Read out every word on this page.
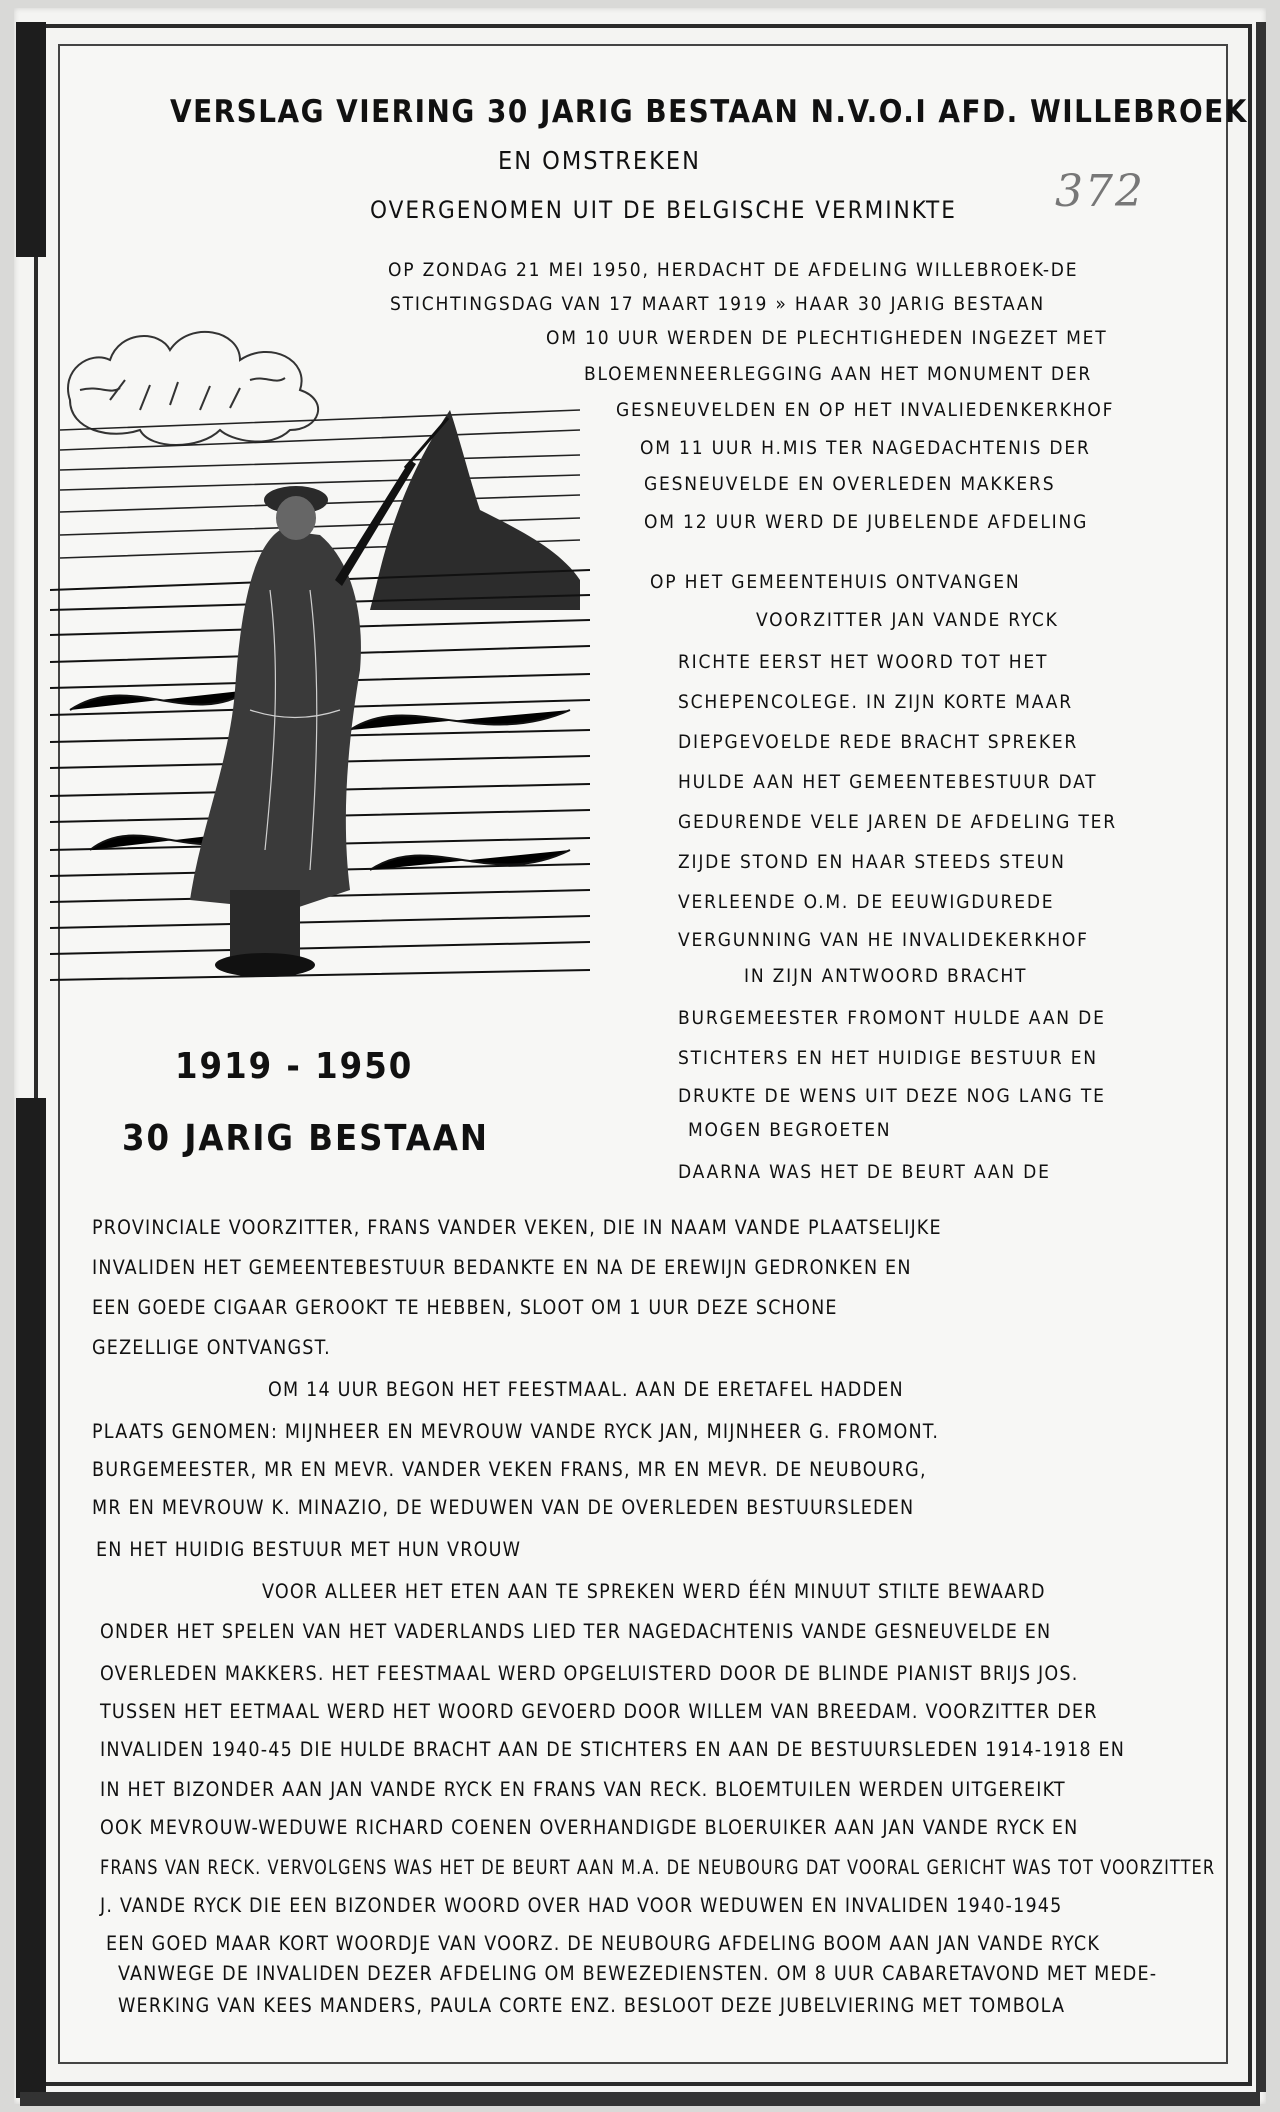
VERSLAG VIERING 30 JARIG BESTAAN N.V.O.I AFD. WILLEBROEK
EN OMSTREKEN
OVERGENOMEN UIT DE BELGISCHE VERMINKTE 372
1919 - 1950
30 JARIG BESTAAN
OP ZONDAG 21 MEI 1950, HERDACHT DE AFDELING WILLEBROEK-DE
STICHTINGSDAG VAN 17 MAART 1919 » HAAR 30 JARIG BESTAAN
OM 10 UUR WERDEN DE PLECHTIGHEDEN INGEZET MET
BLOEMENNEERLEGGING AAN HET MONUMENT DER
GESNEUVELDEN EN OP HET INVALIEDENKERKHOF
OM 11 UUR H.MIS TER NAGEDACHTENIS DER
GESNEUVELDE EN OVERLEDEN MAKKERS
OM 12 UUR WERD DE JUBELENDE AFDELING
OP HET GEMEENTEHUIS ONTVANGEN
VOORZITTER JAN VANDE RYCK
RICHTE EERST HET WOORD TOT HET
SCHEPENCOLEGE. IN ZIJN KORTE MAAR
DIEPGEVOELDE REDE BRACHT SPREKER
HULDE AAN HET GEMEENTEBESTUUR DAT
GEDURENDE VELE JAREN DE AFDELING TER
ZIJDE STOND EN HAAR STEEDS STEUN
VERLEENDE O.M. DE EEUWIGDUREDE
VERGUNNING VAN HE INVALIDEKERKHOF
IN ZIJN ANTWOORD BRACHT
BURGEMEESTER FROMONT HULDE AAN DE
STICHTERS EN HET HUIDIGE BESTUUR EN
DRUKTE DE WENS UIT DEZE NOG LANG TE
MOGEN BEGROETEN
DAARNA WAS HET DE BEURT AAN DE
PROVINCIALE VOORZITTER, FRANS VANDER VEKEN, DIE IN NAAM VANDE PLAATSELIJKE
INVALIDEN HET GEMEENTEBESTUUR BEDANKTE EN NA DE EREWIJN GEDRONKEN EN
EEN GOEDE CIGAAR GEROOKT TE HEBBEN, SLOOT OM 1 UUR DEZE SCHONE
GEZELLIGE ONTVANGST.
OM 14 UUR BEGON HET FEESTMAAL. AAN DE ERETAFEL HADDEN
PLAATS GENOMEN: MIJNHEER EN MEVROUW VANDE RYCK JAN, MIJNHEER G. FROMONT.
BURGEMEESTER, MR EN MEVR. VANDER VEKEN FRANS, MR EN MEVR. DE NEUBOURG,
MR EN MEVROUW K. MINAZIO, DE WEDUWEN VAN DE OVERLEDEN BESTUURSLEDEN
EN HET HUIDIG BESTUUR MET HUN VROUW
VOOR ALLEER HET ETEN AAN TE SPREKEN WERD ÉÉN MINUUT STILTE BEWAARD
ONDER HET SPELEN VAN HET VADERLANDS LIED TER NAGEDACHTENIS VANDE GESNEUVELDE EN
OVERLEDEN MAKKERS. HET FEESTMAAL WERD OPGELUISTERD DOOR DE BLINDE PIANIST BRIJS JOS.
TUSSEN HET EETMAAL WERD HET WOORD GEVOERD DOOR WILLEM VAN BREEDAM. VOORZITTER DER
INVALIDEN 1940-45 DIE HULDE BRACHT AAN DE STICHTERS EN AAN DE BESTUURSLEDEN 1914-1918 EN
IN HET BIZONDER AAN JAN VANDE RYCK EN FRANS VAN RECK. BLOEMTUILEN WERDEN UITGEREIKT
OOK MEVROUW-WEDUWE RICHARD COENEN OVERHANDIGDE BLOERUIKER AAN JAN VANDE RYCK EN
FRANS VAN RECK. VERVOLGENS WAS HET DE BEURT AAN M.A. DE NEUBOURG DAT VOORAL GERICHT WAS TOT VOORZITTER
J. VANDE RYCK DIE EEN BIZONDER WOORD OVER HAD VOOR WEDUWEN EN INVALIDEN 1940-1945
EEN GOED MAAR KORT WOORDJE VAN VOORZ. DE NEUBOURG AFDELING BOOM AAN JAN VANDE RYCK
VANWEGE DE INVALIDEN DEZER AFDELING OM BEWEZEDIENSTEN. OM 8 UUR CABARETAVOND MET MEDE-
WERKING VAN KEES MANDERS, PAULA CORTE ENZ. BESLOOT DEZE JUBELVIERING MET TOMBOLA
